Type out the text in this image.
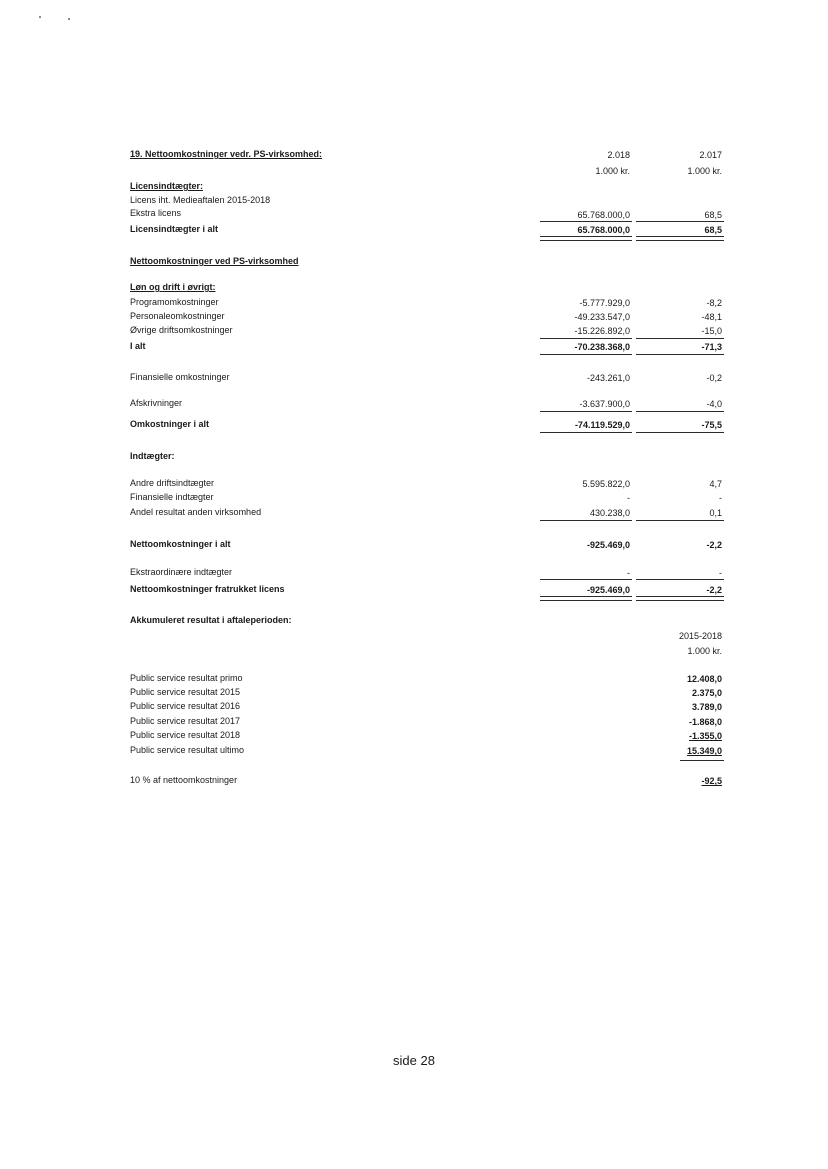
19. Nettoomkostninger vedr. PS-virksomhed:	2.018	2.017
1.000 kr.	1.000 kr.
Licensindtægter:
Licens iht. Medieaftalen 2015-2018
Ekstra licens	65.768.000,0	68,5
Licensindtægter i alt	65.768.000,0	68,5
Nettoomkostninger ved PS-virksomhed
Løn og drift i øvrigt:
Programomkostninger	-5.777.929,0	-8,2
Personaleomkostninger	-49.233.547,0	-48,1
Øvrige driftsomkostninger	-15.226.892,0	-15,0
I alt	-70.238.368,0	-71,3
Finansielle omkostninger	-243.261,0	-0,2
Afskrivninger	-3.637.900,0	-4,0
Omkostninger i alt	-74.119.529,0	-75,5
Indtægter:
Andre driftsindtægter	5.595.822,0	4,7
Finansielle indtægter	-	-
Andel resultat anden virksomhed	430.238,0	0,1
Nettoomkostninger i alt	-925.469,0	-2,2
Ekstraordinære indtægter	-	-
Nettoomkostninger fratrukket licens	-925.469,0	-2,2
Akkumuleret resultat i aftaleperioden:
2015-2018
1.000 kr.
Public service resultat primo	12.408,0
Public service resultat 2015	2.375,0
Public service resultat 2016	3.789,0
Public service resultat 2017	-1.868,0
Public service resultat 2018	-1.355,0
Public service resultat ultimo	15.349,0
10 % af nettoomkostninger	-92,5
side 28
